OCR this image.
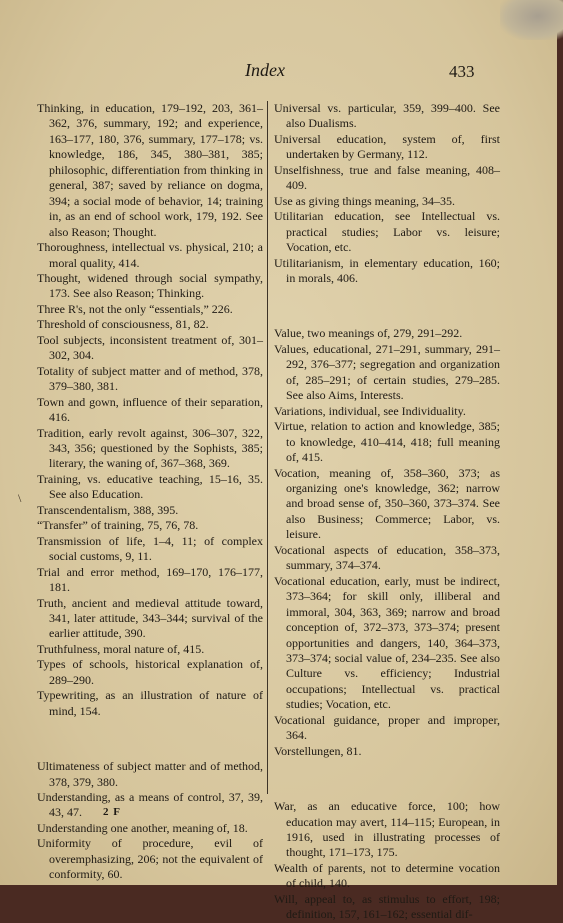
Index	433

Thinking, in education, 179–192, 203, 361–362, 376, summary, 192; and experience, 163–177, 180, 376, summary, 177–178; vs. knowledge, 186, 345, 380–381, 385; philosophic, differentiation from thinking in general, 387; saved by reliance on dogma, 394; a social mode of behavior, 14; training in, as an end of school work, 179, 192. See also Reason; Thought.

Thoroughness, intellectual vs. physical, 210; a moral quality, 414.

Thought, widened through social sympathy, 173. See also Reason; Thinking.

Three R's, not the only “essentials,” 226.

Threshold of consciousness, 81, 82.

Tool subjects, inconsistent treatment of, 301–302, 304.

Totality of subject matter and of method, 378, 379–380, 381.

Town and gown, influence of their separation, 416.

Tradition, early revolt against, 306–307, 322, 343, 356; questioned by the Sophists, 385; literary, the waning of, 367–368, 369.

Training, vs. educative teaching, 15–16, 35. See also Education.

Transcendentalism, 388, 395.

“Transfer” of training, 75, 76, 78.

Transmission of life, 1–4, 11; of complex social customs, 9, 11.

Trial and error method, 169–170, 176–177, 181.

Truth, ancient and medieval attitude toward, 341, later attitude, 343–344; survival of the earlier attitude, 390.

Truthfulness, moral nature of, 415.

Types of schools, historical explanation of, 289–290.

Typewriting, as an illustration of nature of mind, 154.

Ultimateness of subject matter and of method, 378, 379, 380.

Understanding, as a means of control, 37, 39, 43, 47.

Understanding one another, meaning of, 18.

Uniformity of procedure, evil of overemphasizing, 206; not the equivalent of conformity, 60.

Universal vs. particular, 359, 399–400. See also Dualisms.

Universal education, system of, first undertaken by Germany, 112.

Unselfishness, true and false meaning, 408–409.

Use as giving things meaning, 34–35.

Utilitarian education, see Intellectual vs. practical studies; Labor vs. leisure; Vocation, etc.

Utilitarianism, in elementary education, 160; in morals, 406.

Value, two meanings of, 279, 291–292.

Values, educational, 271–291, summary, 291–292, 376–377; segregation and organization of, 285–291; of certain studies, 279–285. See also Aims, Interests.

Variations, individual, see Individuality.

Virtue, relation to action and knowledge, 385; to knowledge, 410–414, 418; full meaning of, 415.

Vocation, meaning of, 358–360, 373; as organizing one's knowledge, 362; narrow and broad sense of, 350–360, 373–374. See also Business; Commerce; Labor, vs. leisure.

Vocational aspects of education, 358–373, summary, 374–374.

Vocational education, early, must be indirect, 373–364; for skill only, illiberal and immoral, 304, 363, 369; narrow and broad conception of, 372–373, 373–374; present opportunities and dangers, 140, 364–373, 373–374; social value of, 234–235. See also Culture vs. efficiency; Industrial occupations; Intellectual vs. practical studies; Vocation, etc.

Vocational guidance, proper and improper, 364.

Vorstellungen, 81.

War, as an educative force, 100; how education may avert, 114–115; European, in 1916, used in illustrating processes of thought, 171–173, 175.

Wealth of parents, not to determine vocation of child, 140.

Will, appeal to, as stimulus to effort, 198; definition, 157, 161–162; essential dif-

\
2 F
